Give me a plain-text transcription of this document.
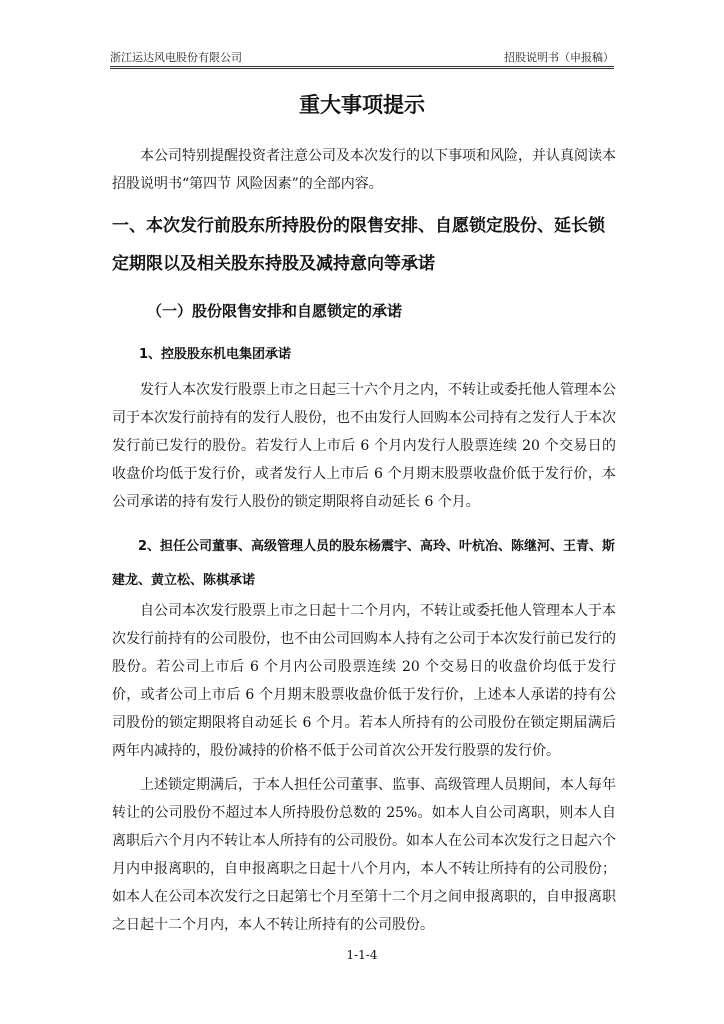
浙江运达风电股份有限公司	招股说明书（申报稿）
重大事项提示
本公司特别提醒投资者注意公司及本次发行的以下事项和风险，并认真阅读本招股说明书“第四节 风险因素”的全部内容。
一、本次发行前股东所持股份的限售安排、自愿锁定股份、延长锁定期限以及相关股东持股及减持意向等承诺
（一）股份限售安排和自愿锁定的承诺
1、控股股东机电集团承诺
发行人本次发行股票上市之日起三十六个月之内，不转让或委托他人管理本公司于本次发行前持有的发行人股份，也不由发行人回购本公司持有之发行人于本次发行前已发行的股份。若发行人上市后 6 个月内发行人股票连续 20 个交易日的收盘价均低于发行价，或者发行人上市后 6 个月期末股票收盘价低于发行价，本公司承诺的持有发行人股份的锁定期限将自动延长 6 个月。
2、担任公司董事、高级管理人员的股东杨震宇、高玲、叶杭冶、陈继河、王青、斯建龙、黄立松、陈棋承诺
自公司本次发行股票上市之日起十二个月内，不转让或委托他人管理本人于本次发行前持有的公司股份，也不由公司回购本人持有之公司于本次发行前已发行的股份。若公司上市后 6 个月内公司股票连续 20 个交易日的收盘价均低于发行价，或者公司上市后 6 个月期末股票收盘价低于发行价，上述本人承诺的持有公司股份的锁定期限将自动延长 6 个月。若本人所持有的公司股份在锁定期届满后两年内减持的，股份减持的价格不低于公司首次公开发行股票的发行价。
上述锁定期满后，于本人担任公司董事、监事、高级管理人员期间，本人每年转让的公司股份不超过本人所持股份总数的 25%。如本人自公司离职，则本人自离职后六个月内不转让本人所持有的公司股份。如本人在公司本次发行之日起六个月内申报离职的，自申报离职之日起十八个月内，本人不转让所持有的公司股份；如本人在公司本次发行之日起第七个月至第十二个月之间申报离职的，自申报离职之日起十二个月内，本人不转让所持有的公司股份。
1-1-4
